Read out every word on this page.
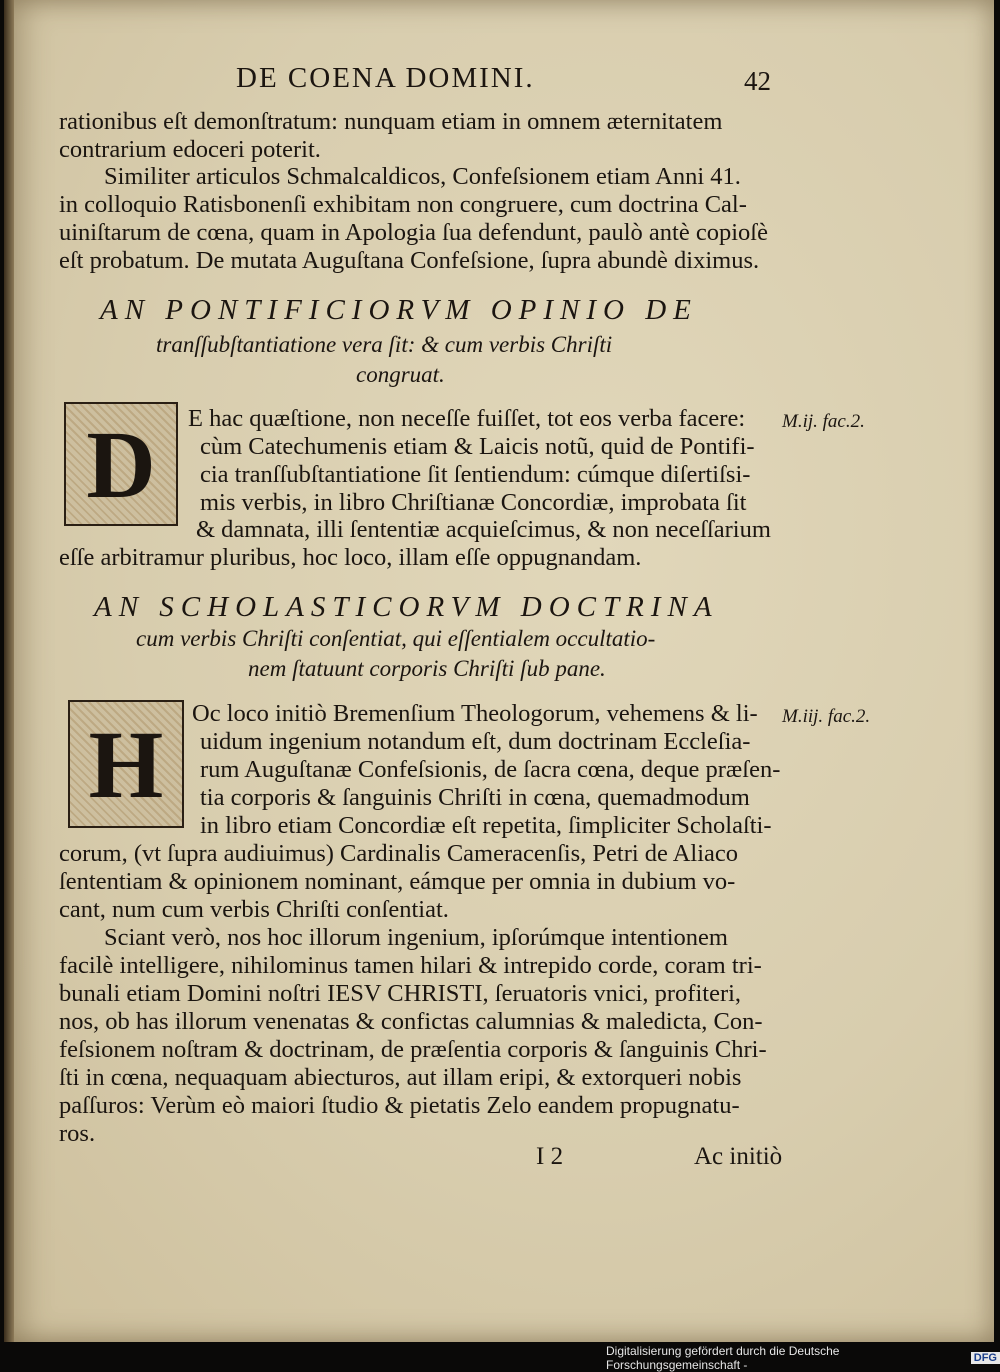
DE COENA DOMINI.	42
rationibus eſt demonſtratum: nunquam etiam in omnem æternitatem
contrarium edoceri poterit.
Similiter articulos Schmalcaldicos, Confeſsionem etiam Anni 41.
in colloquio Ratisbonenſi exhibitam non congruere, cum doctrina Cal-
uiniſtarum de cœna, quam in Apologia ſua defendunt, paulò antè copioſè
eſt probatum. De mutata Auguſtana Confeſsione, ſupra abundè diximus.
AN PONTIFICIORVM OPINIO DE
tranſſubſtantiatione vera ſit: & cum verbis Chriſti
congruat.
D	E hac quæſtione, non neceſſe fuiſſet, tot eos verba facere:
cùm Catechumenis etiam & Laicis notũ, quid de Pontifi-
cia tranſſubſtantiatione ſit ſentiendum: cúmque diſertiſsi-
mis verbis, in libro Chriſtianæ Concordiæ, improbata ſit
& damnata, illi ſententiæ acquieſcimus, & non neceſſarium
eſſe arbitramur pluribus, hoc loco, illam eſſe oppugnandam.
M.ij. fac.2.
AN SCHOLASTICORVM DOCTRINA
cum verbis Chriſti conſentiat, qui eſſentialem occultatio-
nem ſtatuunt corporis Chriſti ſub pane.
H	Oc loco initiò Bremenſium Theologorum, vehemens & li-
uidum ingenium notandum eſt, dum doctrinam Eccleſia-
rum Auguſtanæ Confeſsionis, de ſacra cœna, deque præſen-
tia corporis & ſanguinis Chriſti in cœna, quemadmodum
in libro etiam Concordiæ eſt repetita, ſimpliciter Scholaſti-
corum, (vt ſupra audiuimus) Cardinalis Cameracenſis, Petri de Aliaco
ſententiam & opinionem nominant, eámque per omnia in dubium vo-
cant, num cum verbis Chriſti conſentiat.
M.iij. fac.2.
Sciant verò, nos hoc illorum ingenium, ipſorúmque intentionem
facilè intelligere, nihilominus tamen hilari & intrepido corde, coram tri-
bunali etiam Domini noſtri IESV CHRISTI, ſeruatoris vnici, profiteri,
nos, ob has illorum venenatas & confictas calumnias & maledicta, Con-
feſsionem noſtram & doctrinam, de præſentia corporis & ſanguinis Chri-
ſti in cœna, nequaquam abiecturos, aut illam eripi, & extorqueri nobis
paſſuros: Verùm eò maiori ſtudio & pietatis Zelo eandem propugnatu-
ros.
I 2	Ac initiò
Digitalisierung gefördert durch die Deutsche Forschungsgemeinschaft -	DFG
